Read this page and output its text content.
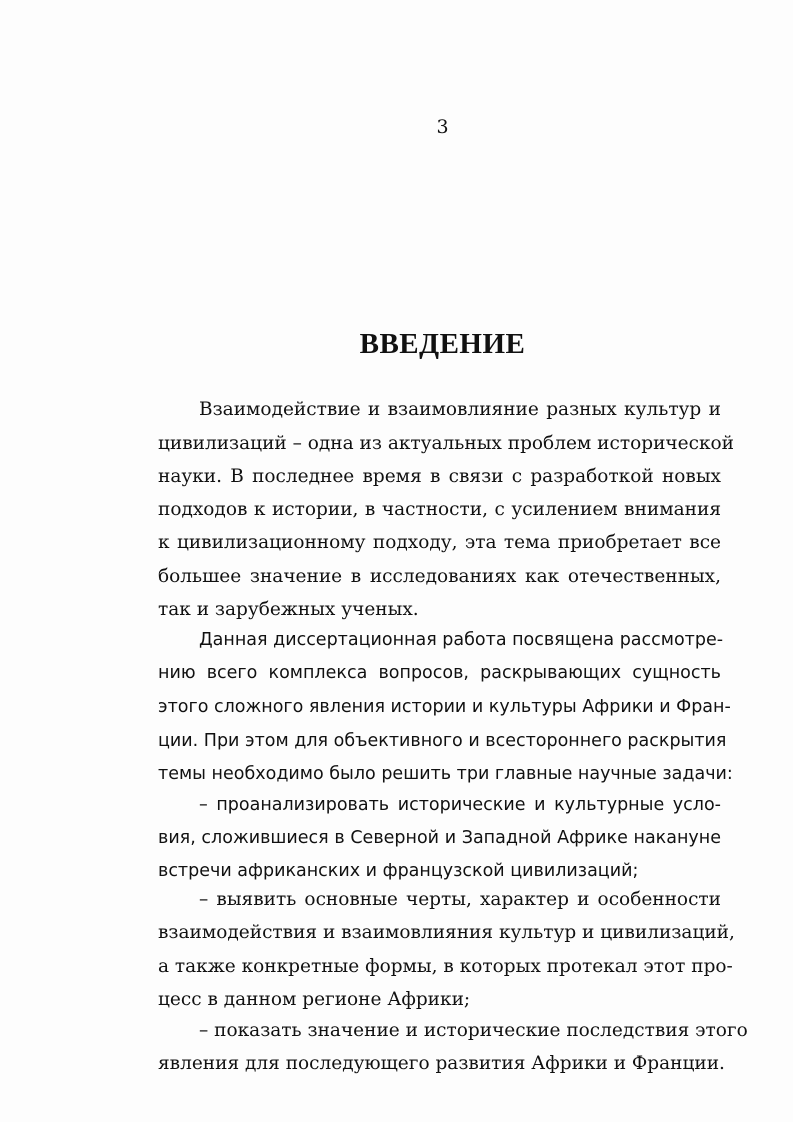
3
ВВЕДЕНИЕ
Взаимодействие и взаимовлияние разных культур и
цивилизаций – одна из актуальных проблем исторической
науки. В последнее время в связи с разработкой новых
подходов к истории, в частности, с усилением внимания
к цивилизационному подходу, эта тема приобретает все
большее значение в исследованиях как отечественных,
так и зарубежных ученых.
Данная диссертационная работа посвящена рассмотре-
нию всего комплекса вопросов, раскрывающих сущность
этого сложного явления истории и культуры Африки и Фран-
ции. При этом для объективного и всестороннего раскрытия
темы необходимо было решить три главные научные задачи:
– проанализировать исторические и культурные усло-
вия, сложившиеся в Северной и Западной Африке накануне
встречи африканских и французской цивилизаций;
– выявить основные черты, характер и особенности
взаимодействия и взаимовлияния культур и цивилизаций,
а также конкретные формы, в которых протекал этот про-
цесс в данном регионе Африки;
– показать значение и исторические последствия этого
явления для последующего развития Африки и Франции.
